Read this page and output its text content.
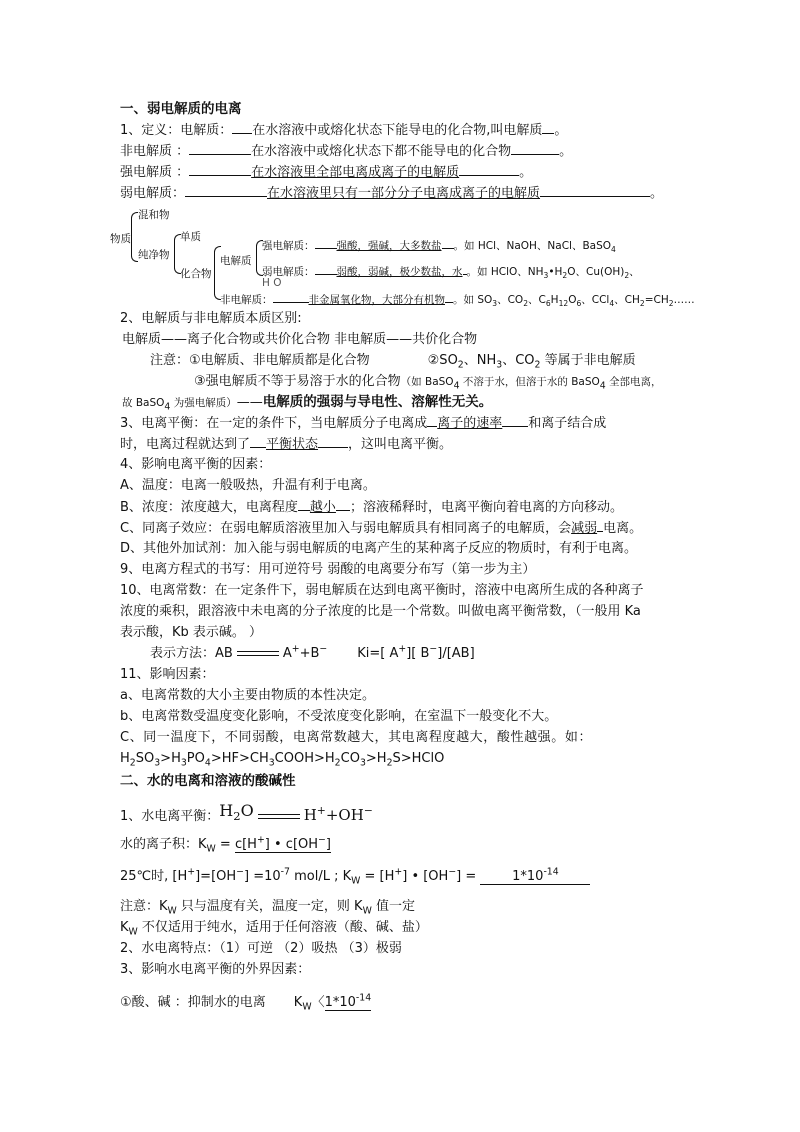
一、弱电解质的电离
1、定义：电解质： 在水溶液中或熔化状态下能导电的化合物,叫电解质 。
非电解质 ：	在水溶液中或熔化状态下都不能导电的化合物	。
强电解质 ：	在水溶液里全部电离成离子的电解质	。
弱电解质：	在水溶液里只有一部分分子电离成离子的电解质	。
物质
混和物
纯净物
单质
化合物
电解质
强电解质： 强酸，强碱，大多数盐 。如 HCl、NaOH、NaCl、BaSO$_4$
弱电解质： 弱酸，弱碱，极少数盐，水 。如 HClO、$NH_3•H_2O$、$Cu(OH)_2$、
H O
非电解质：	非金属氧化物，大部分有机物 。如 $SO_3$、$CO_2$、$C_6H_{12}O_6$、CCl$_4$、$CH_2=CH_2\dots\dots$
2、电解质与非电解质本质区别:
电解质——离子化合物或共价化合物 非电解质——共价化合物
注意：①电解质、非电解质都是化合物	$②SO_2$、$NH_3$、$CO_2$ 等属于非电解质
③强电解质不等于易溶于水的化合物（如 BaSO$_4$ 不溶于水，但溶于水的 BaSO$_4$ 全部电离，
故 BaSO$_4$ 为强电解质）——电解质的强弱与导电性、溶解性无关。
3、电离平衡：在一定的条件下，当电解质分子电离成 离子的速率 和离子结合成
时，电离过程就达到了 平衡状态 ，这叫电离平衡。
4、影响电离平衡的因素：
A、温度：电离一般吸热，升温有利于电离。
B、浓度：浓度越大，电离程度 越小 ；溶液稀释时，电离平衡向着电离的方向移动。
C、同离子效应：在弱电解质溶液里加入与弱电解质具有相同离子的电解质，会减弱 电离。
D、其他外加试剂：加入能与弱电解质的电离产生的某种离子反应的物质时，有利于电离。
9、电离方程式的书写：用可逆符号 弱酸的电离要分布写（第一步为主）
10、电离常数：在一定条件下，弱电解质在达到电离平衡时，溶液中电离所生成的各种离子
浓度的乘积，跟溶液中未电离的分子浓度的比是一个常数。叫做电离平衡常数，（一般用 Ka
表示酸，Kb 表示碱。 ）
表示方法：AB	A++B− Ki=[ A+][ B−]/[AB]
11、影响因素：
a、电离常数的大小主要由物质的本性决定。
b、电离常数受温度变化影响，不受浓度变化影响，在室温下一般变化不大。
C、同一温度下，不同弱酸，电离常数越大，其电离程度越大，酸性越强。如：
$H_2SO_3>H_3PO_4>HF>CH_3COOH>H_2CO_3>H_2S>HClO$
二、水的电离和溶液的酸碱性
1、水电离平衡：$H_2O$	H++OH−
水的离子积：$K_W = c[H^+]$ • c[OH−]
25℃时, $[H^+]=[OH^-] =10^{-7}$ mol/L ; $K_W = [H^+]$ • $[OH^-] = 1*10^{-14}$
注意：$K_W$ 只与温度有关，温度一定，则 $K_W$ 值一定
$K_W$ 不仅适用于纯水，适用于任何溶液（酸、碱、盐）
2、水电离特点：（1）可逆 （2）吸热 （3）极弱
3、影响水电离平衡的外界因素：
①酸、碱 ：抑制水的电离 $K_W$〈$1*10^{-14}$
